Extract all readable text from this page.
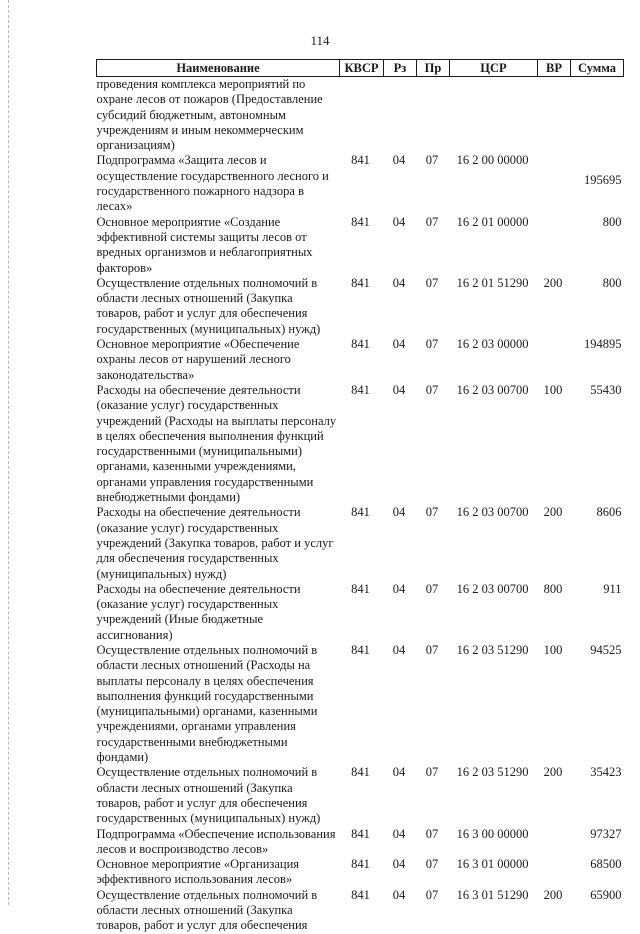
114
Наименование	КВСР	Рз	Пр	ЦСР	ВР	Сумма
проведения комплекса мероприятий по охране лесов от пожаров (Предоставление субсидий бюджетным, автономным учреждениям и иным некоммерческим организациям)						
Подпрограмма «Защита лесов и осуществление государственного лесного и государственного пожарного надзора в лесах»	841	04	07	16 2 00 00000		195695
Основное мероприятие «Создание эффективной системы защиты лесов от вредных организмов и неблагоприятных факторов»	841	04	07	16 2 01 00000		800
Осуществление отдельных полномочий в области лесных отношений (Закупка товаров, работ и услуг для обеспечения государственных (муниципальных) нужд)	841	04	07	16 2 01 51290	200	800
Основное мероприятие «Обеспечение охраны лесов от нарушений лесного законодательства»	841	04	07	16 2 03 00000		194895
Расходы на обеспечение деятельности (оказание услуг) государственных учреждений (Расходы на выплаты персоналу в целях обеспечения выполнения функций государственными (муниципальными) органами, казенными учреждениями, органами управления государственными внебюджетными фондами)	841	04	07	16 2 03 00700	100	55430
Расходы на обеспечение деятельности (оказание услуг) государственных учреждений (Закупка товаров, работ и услуг для обеспечения государственных (муниципальных) нужд)	841	04	07	16 2 03 00700	200	8606
Расходы на обеспечение деятельности (оказание услуг) государственных учреждений (Иные бюджетные ассигнования)	841	04	07	16 2 03 00700	800	911
Осуществление отдельных полномочий в области лесных отношений (Расходы на выплаты персоналу в целях обеспечения выполнения функций государственными (муниципальными) органами, казенными учреждениями, органами управления государственными внебюджетными фондами)	841	04	07	16 2 03 51290	100	94525
Осуществление отдельных полномочий в области лесных отношений (Закупка товаров, работ и услуг для обеспечения государственных (муниципальных) нужд)	841	04	07	16 2 03 51290	200	35423
Подпрограмма «Обеспечение использования лесов и воспроизводство лесов»	841	04	07	16 3 00 00000		97327
Основное мероприятие «Организация эффективного использования лесов»	841	04	07	16 3 01 00000		68500
Осуществление отдельных полномочий в области лесных отношений (Закупка товаров, работ и услуг для обеспечения	841	04	07	16 3 01 51290	200	65900
